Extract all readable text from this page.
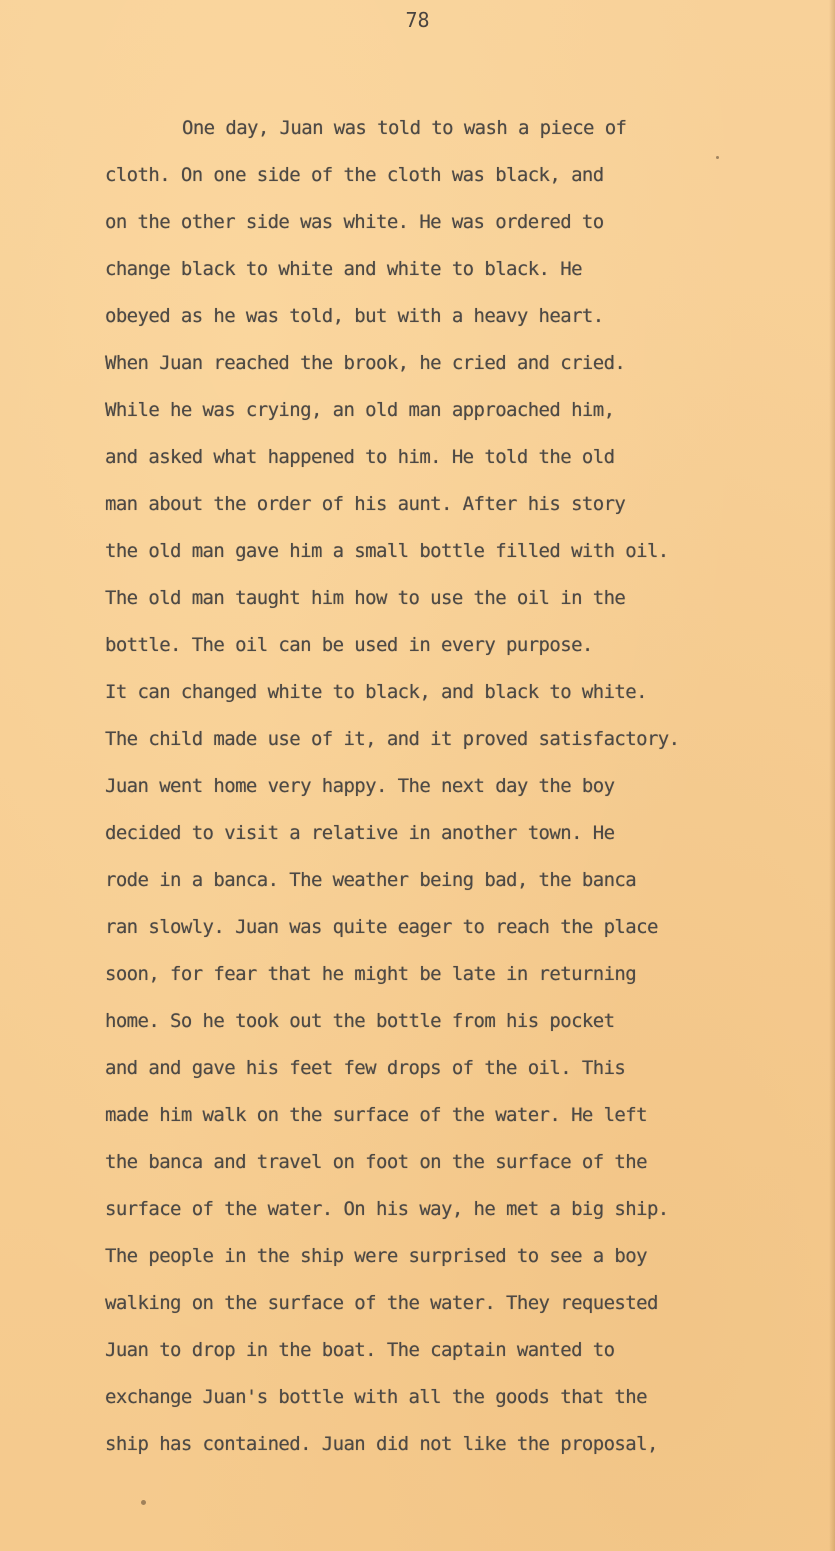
78
One day, Juan was told to wash a piece of
cloth. On one side of the cloth was black, and
on the other side was white. He was ordered to
change black to white and white to black. He
obeyed as he was told, but with a heavy heart.
When Juan reached the brook, he cried and cried.
While he was crying, an old man approached him,
and asked what happened to him. He told the old
man about the order of his aunt. After his story
the old man gave him a small bottle filled with oil.
The old man taught him how to use the oil in the
bottle. The oil can be used in every purpose.
It can changed white to black, and black to white.
The child made use of it, and it proved satisfactory.
Juan went home very happy. The next day the boy
decided to visit a relative in another town. He
rode in a banca. The weather being bad, the banca
ran slowly. Juan was quite eager to reach the place
soon, for fear that he might be late in returning
home. So he took out the bottle from his pocket
and and gave his feet few drops of the oil. This
made him walk on the surface of the water. He left
the banca and travel on foot on the surface of the
surface of the water. On his way, he met a big ship.
The people in the ship were surprised to see a boy
walking on the surface of the water. They requested
Juan to drop in the boat. The captain wanted to
exchange Juan's bottle with all the goods that the
ship has contained. Juan did not like the proposal,
